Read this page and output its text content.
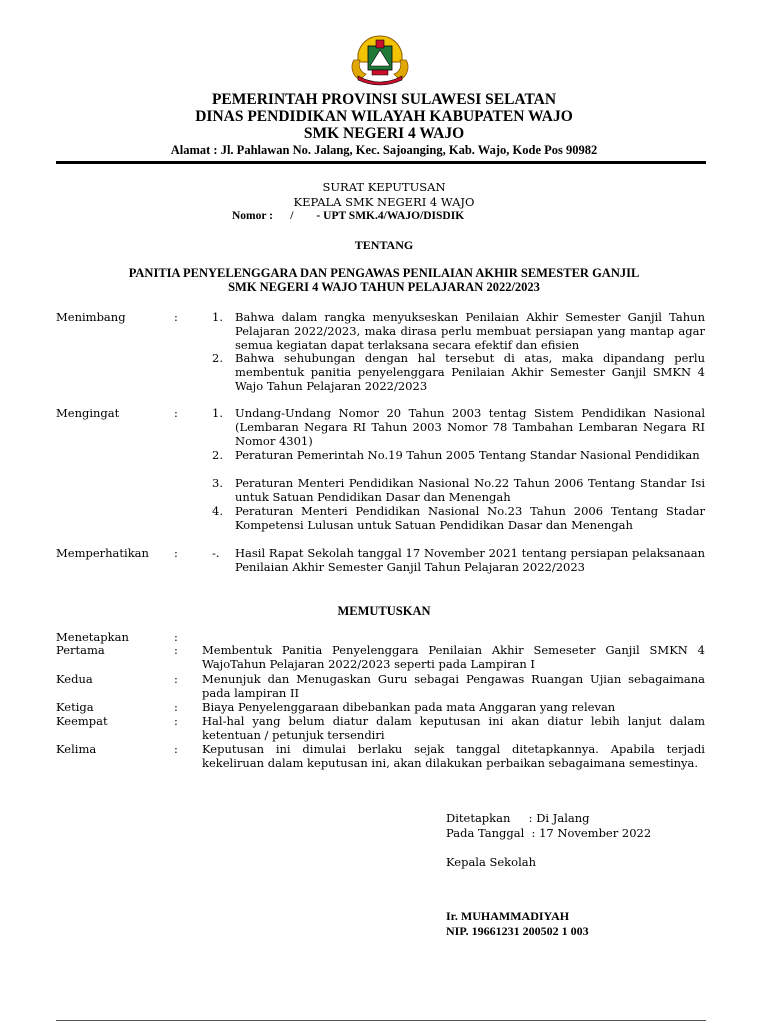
PEMERINTAH PROVINSI SULAWESI SELATAN
DINAS PENDIDIKAN WILAYAH KABUPATEN WAJO
SMK NEGERI 4 WAJO
Alamat : Jl. Pahlawan No. Jalang, Kec. Sajoanging, Kab. Wajo, Kode Pos 90982
SURAT KEPUTUSAN
KEPALA SMK NEGERI 4 WAJO
Nomor :      /        - UPT SMK.4/WAJO/DISDIK
TENTANG
PANITIA PENYELENGGARA DAN PENGAWAS PENILAIAN AKHIR SEMESTER GANJIL
SMK NEGERI 4 WAJO TAHUN PELAJARAN 2022/2023
Menimbang	:	1. Bahwa dalam rangka menyukseskan Penilaian Akhir Semester Ganjil Tahun Pelajaran 2022/2023, maka dirasa perlu membuat persiapan yang mantap agar semua kegiatan dapat terlaksana secara efektif dan efisien
2. Bahwa sehubungan dengan hal tersebut di atas, maka dipandang perlu membentuk panitia penyelenggara Penilaian Akhir Semester Ganjil SMKN 4 Wajo Tahun Pelajaran 2022/2023
Mengingat	:	1. Undang-Undang Nomor 20 Tahun 2003 tentag Sistem Pendidikan Nasional (Lembaran Negara RI Tahun 2003 Nomor 78 Tambahan Lembaran Negara RI Nomor 4301)
2. Peraturan Pemerintah No.19 Tahun 2005 Tentang Standar Nasional Pendidikan
3. Peraturan Menteri Pendidikan Nasional No.22 Tahun 2006 Tentang Standar Isi untuk Satuan Pendidikan Dasar dan Menengah
4. Peraturan Menteri Pendidikan Nasional No.23 Tahun 2006 Tentang Stadar Kompetensi Lulusan untuk Satuan Pendidikan Dasar dan Menengah
Memperhatikan :	-. Hasil Rapat Sekolah tanggal 17 November 2021 tentang persiapan pelaksanaan Penilaian Akhir Semester Ganjil Tahun Pelajaran 2022/2023
MEMUTUSKAN
Menetapkan	:
Pertama	: Membentuk Panitia Penyelenggara Penilaian Akhir Semeseter Ganjil SMKN 4 WajoTahun Pelajaran 2022/2023 seperti pada Lampiran I
Kedua	: Menunjuk dan Menugaskan Guru sebagai Pengawas Ruangan Ujian sebagaimana pada lampiran II
Ketiga	: Biaya Penyelenggaraan dibebankan pada mata Anggaran yang relevan
Keempat	: Hal-hal yang belum diatur dalam keputusan ini akan diatur lebih lanjut dalam ketentuan / petunjuk tersendiri
Kelima	: Keputusan ini dimulai berlaku sejak tanggal ditetapkannya. Apabila terjadi kekeliruan dalam keputusan ini, akan dilakukan perbaikan sebagaimana semestinya.
Ditetapkan     : Di Jalang
Pada Tanggal  : 17 November 2022
Kepala Sekolah
Ir. MUHAMMADIYAH
NIP. 19661231 200502 1 003
